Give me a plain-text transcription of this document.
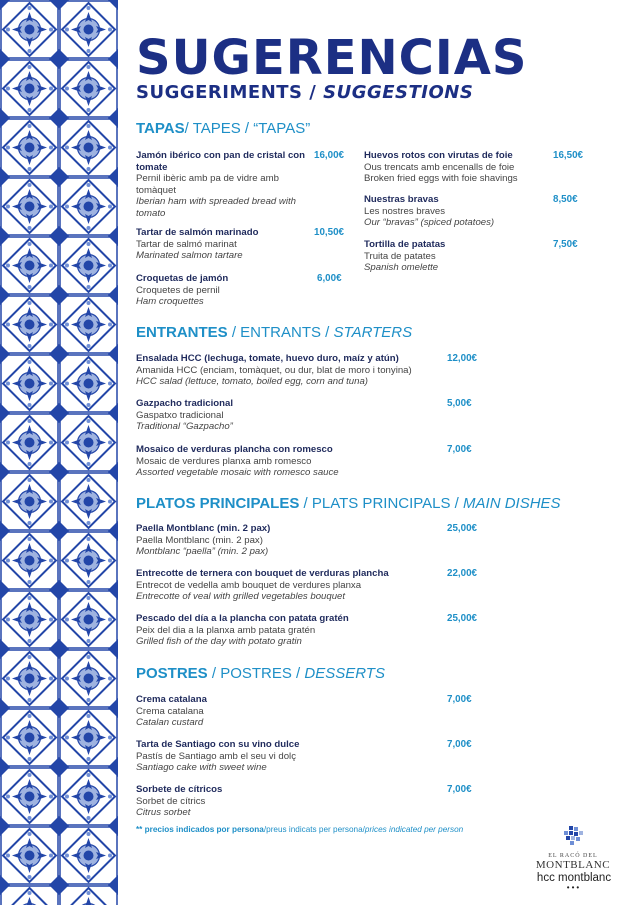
SUGERENCIAS
SUGGERIMENTS / SUGGESTIONS
TAPAS/ TAPES / “TAPAS”
Jamón ibérico con pan de cristal con tomate
Pernil ibèric amb pa de vidre amb tomàquet
Iberian ham with spreaded bread with tomato
16,00€
Tartar de salmón marinado
Tartar de salmó marinat
Marinated salmon tartare
10,50€
Croquetas de jamón
Croquetes de pernil
Ham croquettes
6,00€
Huevos rotos con virutas de foie
Ous trencats amb encenalls de foie
Broken fried eggs with foie shavings
16,50€
Nuestras bravas
Les nostres braves
Our “bravas” (spiced potatoes)
8,50€
Tortilla de patatas
Truita de patates
Spanish omelette
7,50€
ENTRANTES / ENTRANTS / STARTERS
Ensalada HCC (lechuga, tomate, huevo duro, maíz y atún)
Amanida HCC (enciam, tomàquet, ou dur, blat de moro i tonyina)
HCC salad (lettuce, tomato, boiled egg, corn and tuna)
12,00€
Gazpacho tradicional
Gaspatxo tradicional
Traditional “Gazpacho”
5,00€
Mosaico de verduras plancha con romesco
Mosaic de verdures planxa amb romesco
Assorted vegetable mosaic with romesco sauce
7,00€
PLATOS PRINCIPALES / PLATS PRINCIPALS / MAIN DISHES
Paella Montblanc (min. 2 pax)
Paella Montblanc (min. 2 pax)
Montblanc “paella” (min. 2 pax)
25,00€
Entrecotte de ternera con bouquet de verduras plancha
Entrecot de vedella amb bouquet de verdures planxa
Entrecotte of veal with grilled vegetables bouquet
22,00€
Pescado del día a la plancha con patata gratén
Peix del dia a la planxa amb patata gratén
Grilled fish of the day with potato gratin
25,00€
POSTRES / POSTRES / DESSERTS
Crema catalana
Crema catalana
Catalan custard
7,00€
Tarta de Santiago con su vino dulce
Pastís de Santiago amb el seu vi dolç
Santiago cake with sweet wine
7,00€
Sorbete de cítricos
Sorbet de cítrics
Citrus sorbet
7,00€
** precios indicados por persona/preus indicats per persona/prices indicated per person
EL RACÓ DEL
MONTBLANC
hcc montblanc
•••
